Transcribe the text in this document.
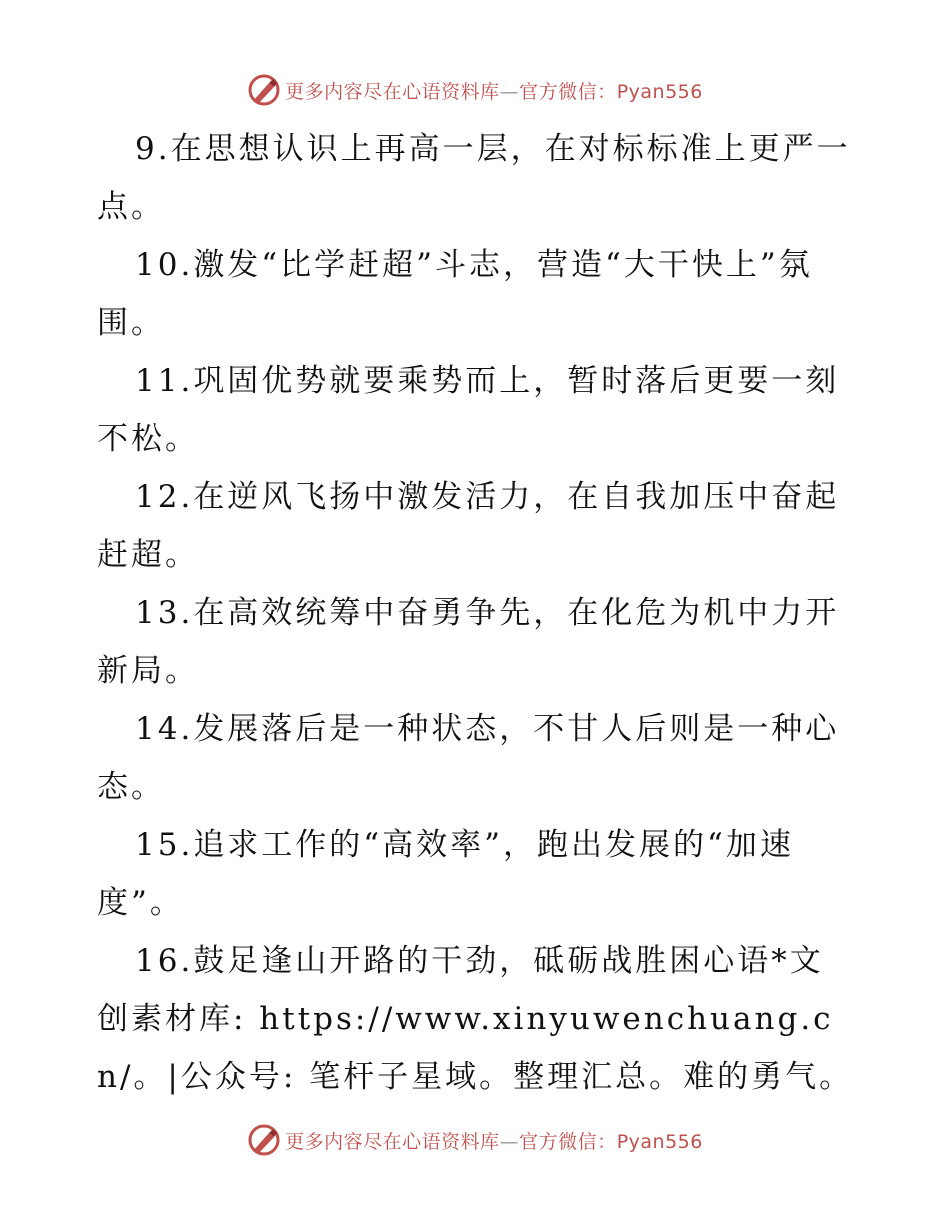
更多内容尽在心语资料库—官方微信：Pyan556

9.在思想认识上再高一层，在对标标准上更严一点。

10.激发“比学赶超”斗志，营造“大干快上”氛围。

11.巩固优势就要乘势而上，暂时落后更要一刻不松。

12.在逆风飞扬中激发活力，在自我加压中奋起赶超。

13.在高效统筹中奋勇争先，在化危为机中力开新局。

14.发展落后是一种状态，不甘人后则是一种心态。

15.追求工作的“高效率”，跑出发展的“加速度”。

16.鼓足逢山开路的干劲，砥砺战胜困心语*文创素材库: https://www.xinyuwenchuang.cn/。|公众号: 笔杆子星域。整理汇总。难的勇气。

更多内容尽在心语资料库—官方微信：Pyan556
